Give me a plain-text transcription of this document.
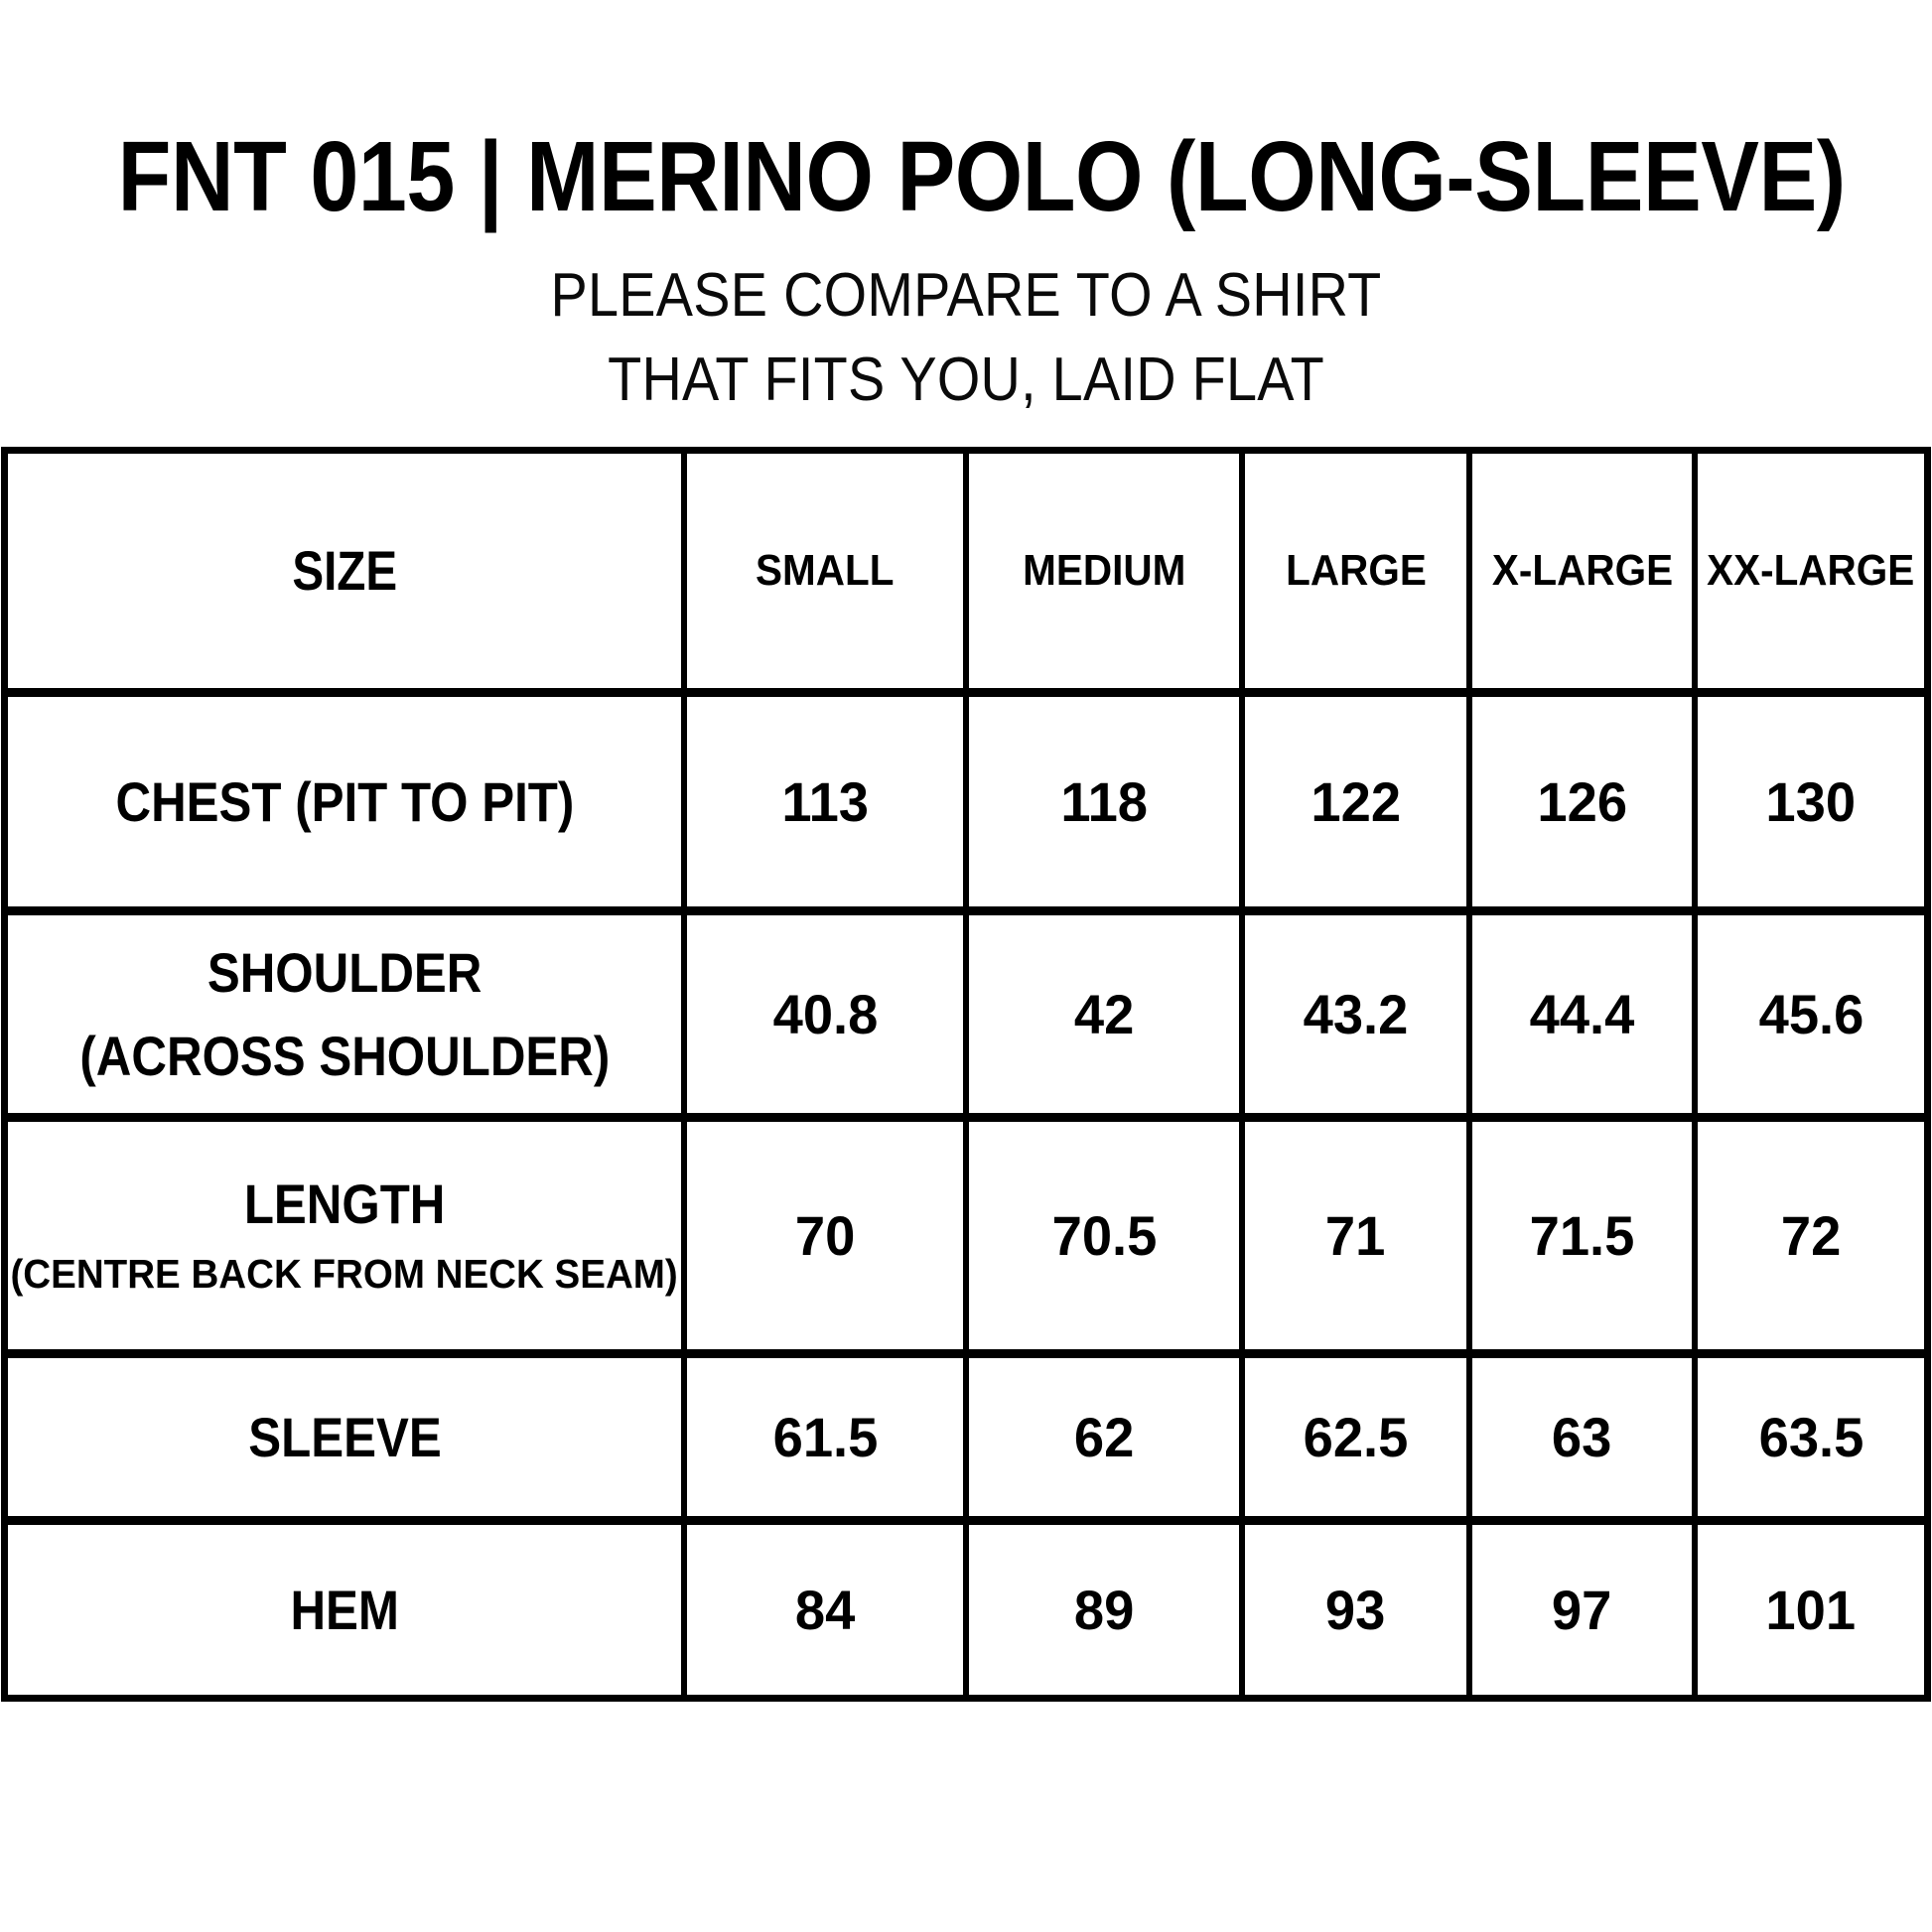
FNT 015 | MERINO POLO (LONG-SLEEVE)
PLEASE COMPARE TO A SHIRT
THAT FITS YOU, LAID FLAT
SIZE	SMALL	MEDIUM LARGE X-LARGE XX-LARGE
CHEST (PIT TO PIT)	113	118	122 126 130
SHOULDER
(ACROSS SHOULDER)
40.8	42	43.2 44.4 45.6
LENGTH
(CENTRE BACK FROM NECK SEAM)
70	70.5	71	71.5	72
SLEEVE	61.5	62	62.5	63	63.5
HEM	84	89	93	97	101
